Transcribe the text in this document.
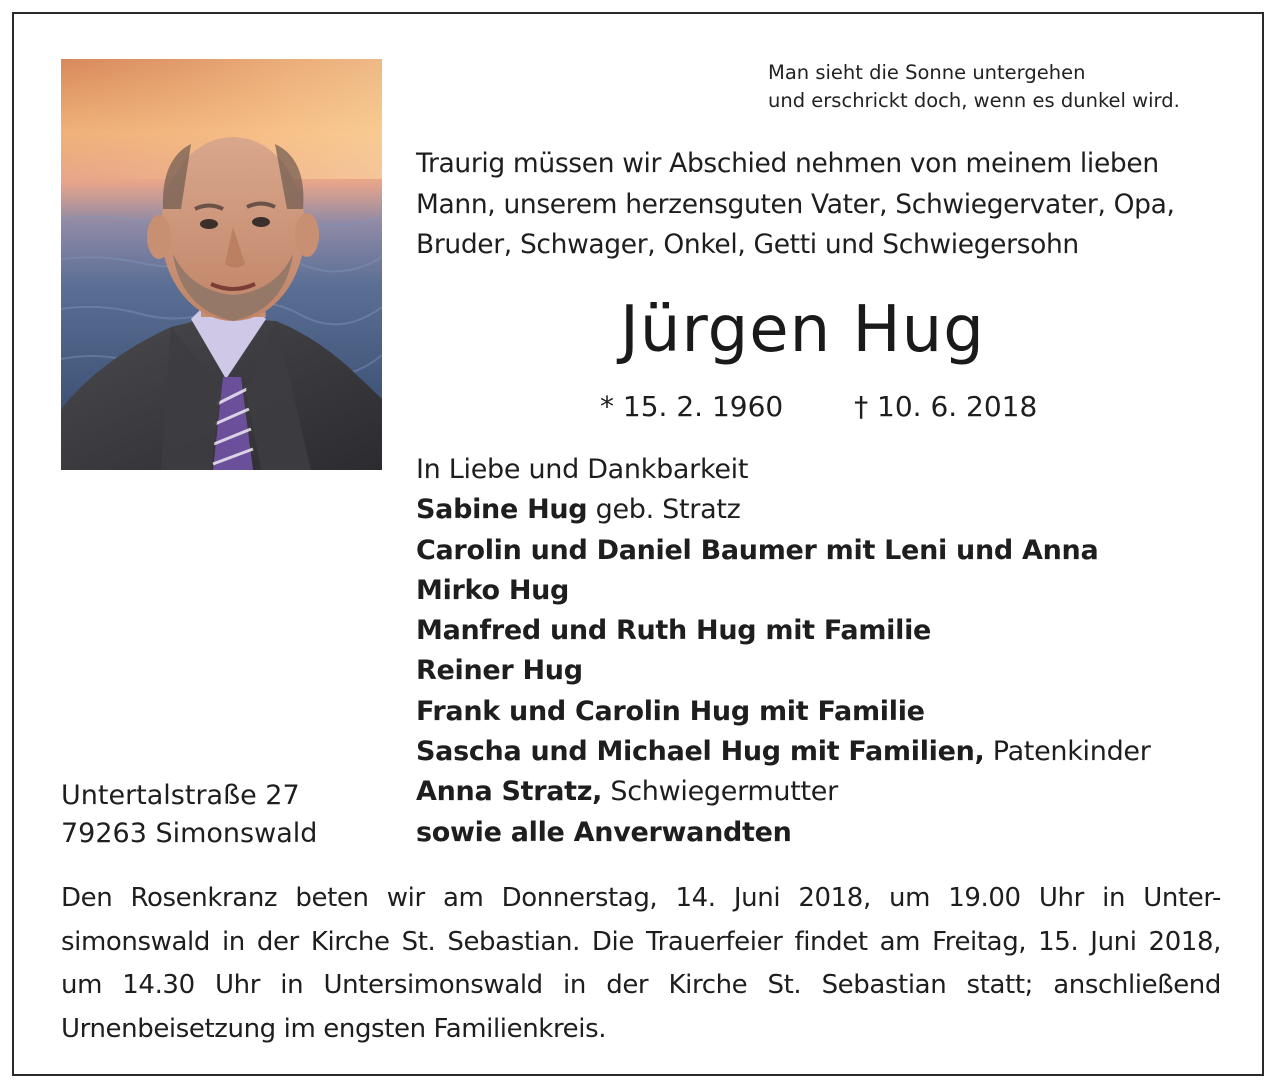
Man sieht die Sonne untergehen
und erschrickt doch, wenn es dunkel wird.
Traurig müssen wir Abschied nehmen von meinem lieben
Mann, unserem herzensguten Vater, Schwiegervater, Opa,
Bruder, Schwager, Onkel, Getti und Schwiegersohn
Jürgen Hug
* 15. 2. 1960	† 10. 6. 2018
In Liebe und Dankbarkeit
Sabine Hug geb. Stratz
Carolin und Daniel Baumer mit Leni und Anna
Mirko Hug
Manfred und Ruth Hug mit Familie
Reiner Hug
Frank und Carolin Hug mit Familie
Sascha und Michael Hug mit Familien, Patenkinder
Anna Stratz, Schwiegermutter
sowie alle Anverwandten
Untertalstraße 27
79263 Simonswald
Den Rosenkranz beten wir am Donnerstag, 14. Juni 2018, um 19.00 Uhr in Unter-
simonswald in der Kirche St. Sebastian. Die Trauerfeier findet am Freitag, 15. Juni 2018,
um 14.30 Uhr in Untersimonswald in der Kirche St. Sebastian statt; anschließend
Urnenbeisetzung im engsten Familienkreis.
